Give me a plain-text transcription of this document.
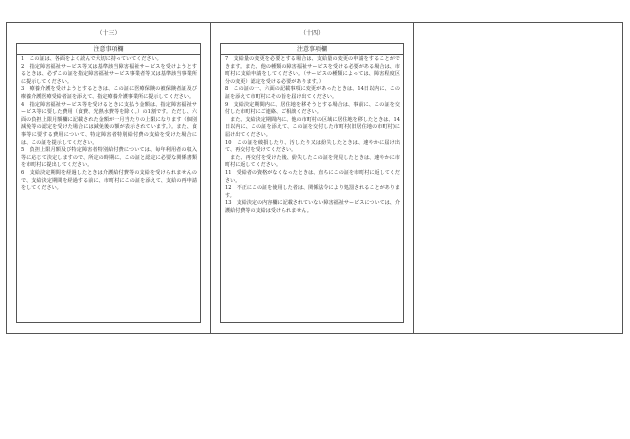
（十三）
注意事項欄

1　この証は、各面をよく読んで大切に持っていてください。

2　指定障害福祉サービス等又は基準該当障害福祉サービスを受けようとするときは、必ずこの証を指定障害福祉サービス事業者等又は基準該当事業所に提示してください。

3　療養介護を受けようとするときは、この証に医療保険の被保険者証及び療養介護医療受給者証を添えて、指定療養介護事業所に提示してください。

4　指定障害福祉サービス等を受けるときに支払う金額は、指定障害福祉サービス等に要した費用（食費、光熱水費等を除く。）の1割です。ただし、六面の負担上限月額欄に記載された金額が一月当たりの上限になります（個別減免等の認定を受けた場合には減免後の額が表示されています。）。また、食事等に要する費用について、特定障害者特別給付費の支給を受けた場合には、この証を提示してください。

5　負担上限月額及び特定障害者特別給付費については、毎年利用者の収入等に応じて決定しますので、所定の時期に、この証と認定に必要な関係書類を市町村に提出してください。

6　支給決定期間を経過したときは介護給付費等の支給を受けられませんので、支給決定期間を経過する前に、市町村にこの証を添えて、支給の再申請をしてください。

（十四）
注意事項欄

7　支給量の変更を必要とする場合は、支給量の変更の申請をすることができます。また、他の種類の障害福祉サービスを受ける必要がある場合は、市町村に支給申請をしてください。（サービスの種類によっては、障害程度区分の変更）認定を受ける必要があります。）

8　この証の一、六面の記載事項に変更があったときは、14日以内に、この証を添えて市町村にその旨を届け出てください。

9　支給決定期間内に、居住地を移そうとする場合は、事前に、この証を交付した市町村にご連絡、ご相談ください。

　また、支給決定期間内に、他の市町村の区域に居住地を移したときは、14日以内に、この証を添えて、この証を交付した市町村(旧居住地の市町村)に届け出てください。

10　この証を破損したり、汚したり又は紛失したときは、速やかに届け出て、再交付を受けてください。

　また、再交付を受けた後、紛失したこの証を発見したときは、速やかに市町村に返してください。

11　受給者の資格がなくなったときは、直ちにこの証を市町村に返してください。

12　不正にこの証を使用した者は、関係法令により処罰されることがあります。

13　支給決定の内容欄に記載されていない障害福祉サービスについては、介護給付費等の支給は受けられません。
